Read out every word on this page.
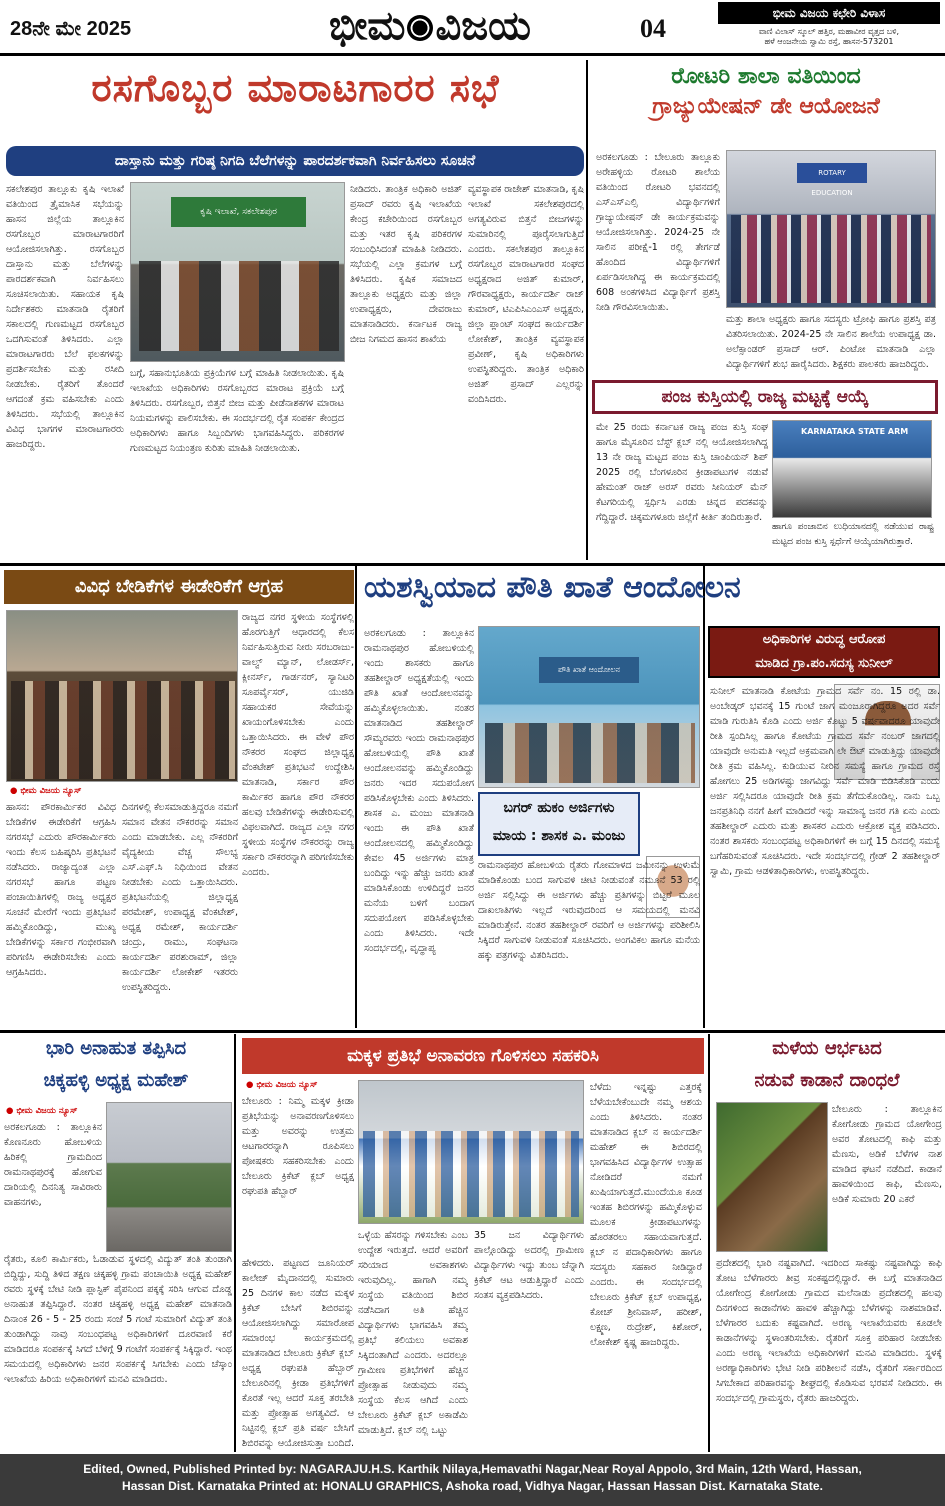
28ನೇ ಮೇ 2025	ಭೀಮ ವಿಜಯ	04
ಭೀಮ ವಿಜಯ ಕಛೇರಿ ವಿಳಾಸ
ವಾಣಿ ವಿಲಾಸ್ ಸ್ಕೂಲ್ ಹತ್ತಿರ, ಮಹಾವೀರ ವೃತ್ತದ ಬಳಿ,
ಹಳೆ ಆಂಜನೇಯ ಸ್ವಾಮಿ ರಸ್ತೆ, ಹಾಸನ-573201
ರಸಗೊಬ್ಬರ ಮಾರಾಟಗಾರರ ಸಭೆ
ದಾಸ್ತಾನು ಮತ್ತು ಗರಿಷ್ಠ ನಿಗದಿ ಬೆಲೆಗಳನ್ನು ಪಾರದರ್ಶಕವಾಗಿ ನಿರ್ವಹಿಸಲು ಸೂಚನೆ
ಸಕಲೇಶಪುರ ತಾಲ್ಲೂಕು ಕೃಷಿ ಇಲಾಖೆ ವತಿಯಿಂದ ತ್ರೈಮಾಸಿಕ ಸಭೆಯನ್ನು ಹಾಸನ ಜಿಲ್ಲೆಯ ತಾಲ್ಲೂಕಿನ ರಸಗೊಬ್ಬರ ಮಾರಾಟಗಾರರಿಗೆ ಆಯೋಜಿಸಲಾಗಿತ್ತು. ರಸಗೊಬ್ಬರ ದಾಸ್ತಾನು ಮತ್ತು ಬೆಲೆಗಳನ್ನು ಪಾರದರ್ಶಕವಾಗಿ ನಿರ್ವಹಿಸಲು ಸೂಚಿಸಲಾಯಿತು. ಸಹಾಯಕ ಕೃಷಿ ನಿರ್ದೇಶಕರು ಮಾತನಾಡಿ ರೈತರಿಗೆ ಸಕಾಲದಲ್ಲಿ ಗುಣಮಟ್ಟದ ರಸಗೊಬ್ಬರ ಒದಗಿಸುವಂತೆ ತಿಳಿಸಿದರು. ಎಲ್ಲಾ ಮಾರಾಟಗಾರರು ಬೆಲೆ ಫಲಕಗಳನ್ನು ಪ್ರದರ್ಶಿಸಬೇಕು ಮತ್ತು ರಸೀದಿ ನೀಡಬೇಕು. ರೈತರಿಗೆ ತೊಂದರೆ ಆಗದಂತೆ ಕ್ರಮ ವಹಿಸಬೇಕು ಎಂದು ತಿಳಿಸಿದರು. ಸಭೆಯಲ್ಲಿ ತಾಲ್ಲೂಕಿನ ವಿವಿಧ ಭಾಗಗಳ ಮಾರಾಟಗಾರರು ಹಾಜರಿದ್ದರು.
ಕೃಷಿ ಇಲಾಖೆ, ಸಕಲೇಶಪುರ
ಬಗ್ಗೆ, ಸಹಾನುಭೂತಿಯ ಪ್ರಕ್ರಿಯೆಗಳ ಬಗ್ಗೆ ಮಾಹಿತಿ ನೀಡಲಾಯಿತು. ಕೃಷಿ ಇಲಾಖೆಯ ಅಧಿಕಾರಿಗಳು ರಸಗೊಬ್ಬರದ ಮಾರಾಟ ಪ್ರಕ್ರಿಯೆ ಬಗ್ಗೆ ತಿಳಿಸಿದರು. ರಸಗೊಬ್ಬರ, ಬಿತ್ತನೆ ಬೀಜ ಮತ್ತು ಪೀಡೆನಾಶಕಗಳ ಮಾರಾಟ ನಿಯಮಗಳನ್ನು ಪಾಲಿಸಬೇಕು. ಈ ಸಂದರ್ಭದಲ್ಲಿ ರೈತ ಸಂಪರ್ಕ ಕೇಂದ್ರದ ಅಧಿಕಾರಿಗಳು ಹಾಗೂ ಸಿಬ್ಬಂದಿಗಳು ಭಾಗವಹಿಸಿದ್ದರು. ಪರಿಕರಗಳ ಗುಣಮಟ್ಟದ ನಿಯಂತ್ರಣ ಕುರಿತು ಮಾಹಿತಿ ನೀಡಲಾಯಿತು.
ನೀಡಿದರು. ತಾಂತ್ರಿಕ ಅಧಿಕಾರಿ ಅಜಿತ್ ಪ್ರಸಾದ್ ರವರು ಕೃಷಿ ಇಲಾಖೆಯ ಕೇಂದ್ರ ಕಚೇರಿಯಿಂದ ರಸಗೊಬ್ಬರ ಮತ್ತು ಇತರ ಕೃಷಿ ಪರಿಕರಗಳ ಸಂಬಂಧಿಸಿದಂತೆ ಮಾಹಿತಿ ನೀಡಿದರು. ಸಭೆಯಲ್ಲಿ ಎಲ್ಲಾ ಕ್ರಮಗಳ ಬಗ್ಗೆ ತಿಳಿಸಿದರು. ಕೃಷಿಕ ಸಮಾಜದ ತಾಲ್ಲೂಕು ಅಧ್ಯಕ್ಷರು ಮತ್ತು ಜಿಲ್ಲಾ ಉಪಾಧ್ಯಕ್ಷರು, ದೇವರಾಜು ಮಾತನಾಡಿದರು. ಕರ್ನಾಟಕ ರಾಜ್ಯ ಬೀಜ ನಿಗಮದ ಹಾಸನ ಶಾಖೆಯ
ವ್ಯವಸ್ಥಾಪಕ ರಾಜೇಶ್ ಮಾತನಾಡಿ, ಕೃಷಿ ಇಲಾಖೆ ಸಕಲೇಶಪುರದಲ್ಲಿ ಅಗತ್ಯವಿರುವ ಬಿತ್ತನೆ ಬೀಜಗಳನ್ನು ಸುಮಾರಿನಲ್ಲಿ ಪೂರೈಸಲಾಗುತ್ತಿದೆ ಎಂದರು. ಸಕಲೇಶಪುರ ತಾಲ್ಲೂಕಿನ ರಸಗೊಬ್ಬರ ಮಾರಾಟಗಾರರ ಸಂಘದ ಅಧ್ಯಕ್ಷರಾದ ಅಜಿತ್ ಕುಮಾರ್, ಗೌರವಾಧ್ಯಕ್ಷರು, ಕಾರ್ಯದರ್ಶಿ ರಾಜ್ ಕುಮಾರ್, ಟಿಎಪಿಸಿಎಂಎಸ್ ಅಧ್ಯಕ್ಷರು, ಜಿಲ್ಲಾ ಪ್ಲಾಂಟ್ ಸಂಘದ ಕಾರ್ಯದರ್ಶಿ ಲೋಕೇಶ್, ತಾಂತ್ರಿಕ ವ್ಯವಸ್ಥಾಪಕ ಪ್ರವೀಣ್, ಕೃಷಿ ಅಧಿಕಾರಿಗಳು ಉಪಸ್ಥಿತರಿದ್ದರು. ತಾಂತ್ರಿಕ ಅಧಿಕಾರಿ ಅಜಿತ್ ಪ್ರಸಾದ್ ಎಲ್ಲರನ್ನು ವಂದಿಸಿದರು.
ರೋಟರಿ ಶಾಲಾ ವತಿಯಿಂದ
ಗ್ರಾಜ್ಯುಯೇಷನ್ ಡೇ ಆಯೋಜನೆ
ಅರಕಲಗೂಡು : ಬೇಲೂರು ತಾಲ್ಲೂಕು ಅರೇಹಳ್ಳಿಯ ರೋಟರಿ ಶಾಲೆಯ ವತಿಯಿಂದ ರೋಟರಿ ಭವನದಲ್ಲಿ ಎಸ್ಎಸ್ಎಲ್ಸಿ ವಿದ್ಯಾರ್ಥಿಗಳಿಗೆ ಗ್ರಾಜ್ಯುಯೇಷನ್ ಡೇ ಕಾರ್ಯಕ್ರಮವನ್ನು ಆಯೋಜಿಸಲಾಗಿತ್ತು. 2024-25 ನೇ ಸಾಲಿನ ಪರೀಕ್ಷೆ-1 ರಲ್ಲಿ ತೇರ್ಗಡೆ ಹೊಂದಿದ ವಿದ್ಯಾರ್ಥಿಗಳಿಗೆ ಏರ್ಪಡಿಸಲಾಗಿದ್ದ ಈ ಕಾರ್ಯಕ್ರಮದಲ್ಲಿ 608 ಅಂಕಗಳಿಸಿದ ವಿದ್ಯಾರ್ಥಿಗೆ ಪ್ರಶಸ್ತಿ ನೀಡಿ ಗೌರವಿಸಲಾಯಿತು.
ROTARY EDUCATION
ಮತ್ತು ಶಾಲಾ ಅಧ್ಯಕ್ಷರು ಹಾಗೂ ಸದಸ್ಯರು ಟ್ರೋಫಿ ಹಾಗೂ ಪ್ರಶಸ್ತಿ ಪತ್ರ ವಿತರಿಸಲಾಯಿತು. 2024-25 ನೇ ಸಾಲಿನ ಶಾಲೆಯ ಉಪಾಧ್ಯಕ್ಷ ಡಾ. ಅಲೆಕ್ಸಾಂಡರ್ ಪ್ರಸಾದ್ ಆರ್. ಪಿಂಟೋ ಮಾತನಾಡಿ ಎಲ್ಲಾ ವಿದ್ಯಾರ್ಥಿಗಳಿಗೆ ಶುಭ ಹಾರೈಸಿದರು. ಶಿಕ್ಷಕರು ಪಾಲಕರು ಹಾಜರಿದ್ದರು.
ಪಂಜ ಕುಸ್ತಿಯಲ್ಲಿ ರಾಜ್ಯ ಮಟ್ಟಕ್ಕೆ ಆಯ್ಕೆ
ಮೇ 25 ರಂದು ಕರ್ನಾಟಕ ರಾಜ್ಯ ಪಂಜ ಕುಸ್ತಿ ಸಂಘ ಹಾಗೂ ಮೈಸೂರಿನ ಬೆಸ್ಟ್ ಕ್ಲಬ್ ನಲ್ಲಿ ಆಯೋಜಿಸಲಾಗಿದ್ದ 13 ನೇ ರಾಜ್ಯ ಮಟ್ಟದ ಪಂಜ ಕುಸ್ತಿ ಚಾಂಪಿಯನ್ ಶಿಪ್ 2025 ರಲ್ಲಿ ಬೆಂಗಳೂರಿನ ಕ್ರೀಡಾಪಟುಗಳ ನಡುವೆ ಹೇಮಂತ್ ರಾಜ್ ಅರಸ್ ರವರು ಸೀನಿಯರ್ ಮೆನ್ ಕೆಟಗರಿಯಲ್ಲಿ ಸ್ಪರ್ಧಿಸಿ ಎರಡು ಚಿನ್ನದ ಪದಕವನ್ನು ಗೆದ್ದಿದ್ದಾರೆ. ಚಿಕ್ಕಮಗಳೂರು ಜಿಲ್ಲೆಗೆ ಕೀರ್ತಿ ತಂದಿರುತ್ತಾರೆ.
KARNATAKA STATE ARM
ಹಾಗೂ ಪಂಜಾಬಿನ ಲುಧಿಯಾನದಲ್ಲಿ ನಡೆಯುವ ರಾಷ್ಟ್ರ ಮಟ್ಟದ ಪಂಜ ಕುಸ್ತಿ ಸ್ಪರ್ಧೆಗೆ ಆಯ್ಕೆಯಾಗಿರುತ್ತಾರೆ.
ವಿವಿಧ ಬೇಡಿಕೆಗಳ ಈಡೇರಿಕೆಗೆ ಆಗ್ರಹ
ರಾಜ್ಯದ ನಗರ ಸ್ಥಳೀಯ ಸಂಸ್ಥೆಗಳಲ್ಲಿ ಹೊರಗುತ್ತಿಗೆ ಆಧಾರದಲ್ಲಿ ಕೆಲಸ ನಿರ್ವಹಿಸುತ್ತಿರುವ ನೀರು ಸರಬರಾಜು-ವಾಲ್ವ್ ಮ್ಯಾನ್, ಲೋಡರ್ಸ್, ಕ್ಲೀನರ್ಸ್, ಗಾರ್ಡನರ್, ಸ್ಯಾನಿಟರಿ ಸೂಪರ್ವೈಸರ್, ಯುಜಿಡಿ ಸಹಾಯಕರ ಸೇವೆಯನ್ನು ಖಾಯಂಗೊಳಿಸಬೇಕು ಎಂದು ಒತ್ತಾಯಿಸಿದರು. ಈ ವೇಳೆ ಪೌರ ನೌಕರರ ಸಂಘದ ಜಿಲ್ಲಾಧ್ಯಕ್ಷ ವೆಂಕಟೇಶ್ ಪ್ರತಿಭಟನೆ ಉದ್ದೇಶಿಸಿ ಮಾತನಾಡಿ, ಸರ್ಕಾರ ಪೌರ ಕಾರ್ಮಿಕರ ಹಾಗೂ ಪೌರ ನೌಕರರ ಹಲವು ಬೇಡಿಕೆಗಳನ್ನು ಈಡೇರಿಸುವಲ್ಲಿ ವಿಫಲವಾಗಿದೆ. ರಾಜ್ಯದ ಎಲ್ಲಾ ನಗರ ಸ್ಥಳೀಯ ಸಂಸ್ಥೆಗಳ ನೌಕರರನ್ನು ರಾಜ್ಯ ಸರ್ಕಾರಿ ನೌಕರರನ್ನಾಗಿ ಪರಿಗಣಿಸಬೇಕು ಎಂದರು.
● ಭೀಮ ವಿಜಯ ನ್ಯೂಸ್
ಹಾಸನ: ಪೌರಕಾರ್ಮಿಕರ ವಿವಿಧ ಬೇಡಿಕೆಗಳ ಈಡೇರಿಕೆಗೆ ಆಗ್ರಹಿಸಿ ನಗರಸಭೆ ಎದುರು ಪೌರಕಾರ್ಮಿಕರು ಇಂದು ಕೆಲಸ ಬಹಿಷ್ಕರಿಸಿ ಪ್ರತಿಭಟನೆ ನಡೆಸಿದರು. ರಾಜ್ಯಾದ್ಯಂತ ಎಲ್ಲಾ ನಗರಸಭೆ ಹಾಗೂ ಪಟ್ಟಣ ಪಂಚಾಯಿತಿಗಳಲ್ಲಿ ರಾಜ್ಯ ಅಧ್ಯಕ್ಷರ ಸೂಚನೆ ಮೇರೆಗೆ ಇಂದು ಪ್ರತಿಭಟನೆ ಹಮ್ಮಿಕೊಂಡಿದ್ದು, ಮುಖ್ಯ ಬೇಡಿಕೆಗಳನ್ನು ಸರ್ಕಾರ ಗಂಭೀರವಾಗಿ ಪರಿಗಣಿಸಿ ಈಡೇರಿಸಬೇಕು ಎಂದು ಆಗ್ರಹಿಸಿದರು.
ದಿನಗಳಲ್ಲಿ ಕೆಲಸಮಾಡುತ್ತಿದ್ದರೂ ನಮಗೆ ಸಮಾನ ವೇತನ ನೌಕರರನ್ನು ಸಮಾನ ಎಂದು ಮಾಡಬೇಕು. ಎಲ್ಲ ನೌಕರರಿಗೆ ವೈದ್ಯಕೀಯ ವೆಚ್ಚ ಸೌಲಭ್ಯ ಎಸ್.ಎಫ್.ಸಿ ನಿಧಿಯಿಂದ ವೇತನ ನೀಡಬೇಕು ಎಂದು ಒತ್ತಾಯಿಸಿದರು. ಪ್ರತಿಭಟನೆಯಲ್ಲಿ ಜಿಲ್ಲಾಧ್ಯಕ್ಷ ಪರಮೇಶ್, ಉಪಾಧ್ಯಕ್ಷ ವೆಂಕಟೇಶ್, ಅಧ್ಯಕ್ಷ ರಮೇಶ್, ಕಾರ್ಯದರ್ಶಿ ಚಂದ್ರು, ರಾಮು, ಸಂಘಟನಾ ಕಾರ್ಯದರ್ಶಿ ಪರಶುರಾಮ್, ಜಿಲ್ಲಾ ಕಾರ್ಯದರ್ಶಿ ಲೋಕೇಶ್ ಇತರರು ಉಪಸ್ಥಿತರಿದ್ದರು.
ಯಶಸ್ವಿಯಾದ ಪೌತಿ ಖಾತೆ ಆಂದೋಲನ
ಅರಕಲಗೂಡು : ತಾಲ್ಲೂಕಿನ ರಾಮನಾಥಪುರ ಹೋಬಳಿಯಲ್ಲಿ ಇಂದು ಶಾಸಕರು ಹಾಗೂ ತಹಶೀಲ್ದಾರ್ ಅಧ್ಯಕ್ಷತೆಯಲ್ಲಿ ಇಂದು ಪೌತಿ ಖಾತೆ ಆಂದೋಲನವನ್ನು ಹಮ್ಮಿಕೊಳ್ಳಲಾಯಿತು. ನಂತರ ಮಾತನಾಡಿದ ತಹಶೀಲ್ದಾರ್ ಸೌಮ್ಯರವರು ಇಂದು ರಾಮನಾಥಪುರ ಹೋಬಳಿಯಲ್ಲಿ ಪೌತಿ ಖಾತೆ ಆಂದೋಲನವನ್ನು ಹಮ್ಮಿಕೊಂಡಿದ್ದು ಜನರು ಇದರ ಸದುಪಯೋಗ ಪಡಿಸಿಕೊಳ್ಳಬೇಕು ಎಂದು ತಿಳಿಸಿದರು. ಶಾಸಕ ಎ. ಮಂಜು ಮಾತನಾಡಿ ಇಂದು ಈ ಪೌತಿ ಖಾತೆ ಆಂದೋಲನದಲ್ಲಿ ಹಮ್ಮಿಕೊಂಡಿದ್ದು ಕೇವಲ 45 ಅರ್ಜಿಗಳು ಮಾತ್ರ ಬಂದಿದ್ದು ಇನ್ನು ಹೆಚ್ಚು ಜನರು ಖಾತೆ ಮಾಡಿಸಿಕೊಂಡು ಉಳಿದಿದ್ದರೆ ಜನರ ಮನೆಯ ಬಳಿಗೆ ಬಂದಾಗ ಸದುಪಯೋಗ ಪಡಿಸಿಕೊಳ್ಳಬೇಕು ಎಂದು ತಿಳಿಸಿದರು. ಇದೇ ಸಂದರ್ಭದಲ್ಲಿ, ವೃದ್ಧಾಪ್ಯ
ಪೌತಿ ಖಾತೆ ಆಂದೋಲನ
ಬಗರ್ ಹುಕಂ ಅರ್ಜಿಗಳು
ಮಾಯ : ಶಾಸಕ ಎ. ಮಂಜು
ರಾಮನಾಥಪುರ ಹೋಬಳಿಯ ರೈತರು ಗೋಮಾಳದ ಜಮೀನನ್ನು ಉಳುಮೆ ಮಾಡಿಕೊಂಡು ಬಂದ ಸಾಗುವಳಿ ಚೀಟಿ ನೀಡುವಂತೆ ನಮೂನೆ 53 ರಲ್ಲಿ ಅರ್ಜಿ ಸಲ್ಲಿಸಿದ್ದು ಈ ಅರ್ಜಿಗಳು ಹೆಚ್ಚು ಪ್ರತಿಗಳನ್ನು ಬಿಟ್ಟರೆ ಮೂಲ ದಾಖಲಾತಿಗಳು ಇಲ್ಲದೆ ಇರುವುದರಿಂದ ಆ ಸಮಯದಲ್ಲಿ ಮನವಿ ಮಾಡಿರುತ್ತೇನೆ. ನಂತರ ತಹಶೀಲ್ದಾರ್ ರವರಿಗೆ ಆ ಅರ್ಜಿಗಳನ್ನು ಪರಿಶೀಲಿಸಿ ಸಿಕ್ಕಿದರೆ ಸಾಗುವಳಿ ನೀಡುವಂತೆ ಸೂಚಿಸಿದರು. ಅಂಗವಿಕಲ ಹಾಗೂ ಮನೆಯ ಹಕ್ಕು ಪತ್ರಗಳನ್ನು ವಿತರಿಸಿದರು.
ಅಧಿಕಾರಿಗಳ ವಿರುದ್ಧ ಆರೋಪ
ಮಾಡಿದ ಗ್ರಾ.ಪಂ.ಸದಸ್ಯ ಸುನೀಲ್
ಸುನೀಲ್ ಮಾತನಾಡಿ ಕೋಟೆಯ ಗ್ರಾಮದ ಸರ್ವೆ ನಂ. 15 ರಲ್ಲಿ ಡಾ. ಅಂಬೇಡ್ಕರ್ ಭವನಕ್ಕೆ 15 ಗುಂಟೆ ಜಾಗ ಮಂಜೂರಾಗಿದ್ದರೂ ಅದರ ಸರ್ವೆ ಮಾಡಿ ಗುರುತಿಸಿ ಕೊಡಿ ಎಂದು ಅರ್ಜಿ ಕೊಟ್ಟು 5 ವರ್ಷವಾದರೂ ಯಾವುದೇ ರೀತಿ ಸ್ಪಂದಿಸಿಲ್ಲ ಹಾಗೂ ಕೋಟೆಯ ಗ್ರಾಮದ ಸರ್ವೆ ನಂಬರ್ ಜಾಗದಲ್ಲಿ ಯಾವುದೇ ಅನುಮತಿ ಇಲ್ಲದೆ ಅಕ್ರಮವಾಗಿ ಲೇ ಔಟ್ ಮಾಡುತ್ತಿದ್ದು ಯಾವುದೇ ರೀತಿ ಕ್ರಮ ವಹಿಸಿಲ್ಲ. ಕುಡಿಯುವ ನೀರಿನ ಸಮಸ್ಯೆ ಹಾಗೂ ಗ್ರಾಮದ ರಸ್ತೆ ಹೋಗಲು 25 ಅಡಿಗಳಷ್ಟು ಜಾಗವಿದ್ದು ಸರ್ವೆ ಮಾಡಿ ಬಿಡಿಸಿಕೊಡಿ ಎಂದು ಅರ್ಜಿ ಸಲ್ಲಿಸಿದರೂ ಯಾವುದೇ ರೀತಿ ಕ್ರಮ ತೆಗೆದುಕೊಂಡಿಲ್ಲ. ನಾನು ಒಬ್ಬ ಜನಪ್ರತಿನಿಧಿ ನನಗೆ ಹೀಗೆ ಮಾಡಿದರೆ ಇನ್ನು ಸಾಮಾನ್ಯ ಜನರ ಗತಿ ಏನು ಎಂದು ತಹಶೀಲ್ದಾರ್ ಎದುರು ಮತ್ತು ಶಾಸಕರ ಎದುರು ಆಕ್ರೋಶ ವ್ಯಕ್ತ ಪಡಿಸಿದರು. ನಂತರ ಶಾಸಕರು ಸಂಬಂಧಪಟ್ಟ ಅಧಿಕಾರಿಗಳಿಗೆ ಈ ಬಗ್ಗೆ 15 ದಿನದಲ್ಲಿ ಸಮಸ್ಯೆ ಬಗೆಹರಿಸುವಂತೆ ಸೂಚಿಸಿದರು. ಇದೇ ಸಂದರ್ಭದಲ್ಲಿ ಗ್ರೇಡ್ 2 ತಹಶೀಲ್ದಾರ್ ಸ್ವಾಮಿ, ಗ್ರಾಮ ಆಡಳಿತಾಧಿಕಾರಿಗಳು, ಉಪಸ್ಥಿತರಿದ್ದರು.
ಭಾರಿ ಅನಾಹುತ ತಪ್ಪಿಸಿದ
ಚಿಕ್ಕಹಳ್ಳಿ ಅಧ್ಯಕ್ಷ ಮಹೇಶ್
● ಭೀಮ ವಿಜಯ ನ್ಯೂಸ್
ಅರಕಲಗೂಡು : ತಾಲ್ಲೂಕಿನ ಕೊಣನೂರು ಹೋಬಳಿಯ ಹಿರಿಕಲ್ಲಿ ಗ್ರಾಮದಿಂದ ರಾಮನಾಥಪುರಕ್ಕೆ ಹೋಗುವ ದಾರಿಯಲ್ಲಿ ದಿನನಿತ್ಯ ಸಾವಿರಾರು ವಾಹನಗಳು,
ರೈತರು, ಕೂಲಿ ಕಾರ್ಮಿಕರು, ಓಡಾಡುವ ಸ್ಥಳದಲ್ಲಿ ವಿದ್ಯುತ್ ತಂತಿ ತುಂಡಾಗಿ ಬಿದ್ದಿದ್ದು, ಸುದ್ದಿ ತಿಳಿದ ತಕ್ಷಣ ಚಿಕ್ಕಹಳ್ಳಿ ಗ್ರಾಮ ಪಂಚಾಯಿತಿ ಅಧ್ಯಕ್ಷ ಮಹೇಶ್ ರವರು ಸ್ಥಳಕ್ಕೆ ಬೇಟಿ ನೀಡಿ ಪ್ಲಾಸ್ಟಿಕ್ ಪೈಪನಿಂದ ಪಕ್ಕಕ್ಕೆ ಸರಿಸಿ ಆಗುವ ದೊಡ್ಡ ಅನಾಹುತ ತಪ್ಪಿಸಿದ್ದಾರೆ. ನಂತರ ಚಿಕ್ಕಹಳ್ಳಿ ಅಧ್ಯಕ್ಷ ಮಹೇಶ್ ಮಾತನಾಡಿ ದಿನಾಂಕ 26 - 5 - 25 ರಂದು ಸಂಜೆ 5 ಗಂಟೆ ಸುಮಾರಿಗೆ ವಿದ್ಯುತ್ ತಂತಿ ತುಂಡಾಗಿದ್ದು ನಾವು ಸಂಬಂಧಪಟ್ಟ ಅಧಿಕಾರಿಗಳಿಗೆ ದೂರವಾಣಿ ಕರೆ ಮಾಡಿದರೂ ಸಂಪರ್ಕಕ್ಕೆ ಸಿಗದೆ ಬೆಳಿಗ್ಗೆ 9 ಗಂಟೆಗೆ ಸಂಪರ್ಕಕ್ಕೆ ಸಿಕ್ಕಿದ್ದಾರೆ. ಇಂಥ ಸಮಯದಲ್ಲಿ ಅಧಿಕಾರಿಗಳು ಜನರ ಸಂಪರ್ಕಕ್ಕೆ ಸಿಗಬೇಕು ಎಂದು ಚೆಸ್ಕಾಂ ಇಲಾಖೆಯ ಹಿರಿಯ ಅಧಿಕಾರಿಗಳಿಗೆ ಮನವಿ ಮಾಡಿದರು.
ಮಕ್ಕಳ ಪ್ರತಿಭೆ ಅನಾವರಣ ಗೊಳಿಸಲು ಸಹಕರಿಸಿ
● ಭೀಮ ವಿಜಯ ನ್ಯೂಸ್
ಬೇಲೂರು : ನಿಮ್ಮ ಮಕ್ಕಳ ಕ್ರೀಡಾ ಪ್ರತಿಭೆಯನ್ನು ಅನಾವರಣಗೊಳಿಸಲು ಮತ್ತು ಅವರನ್ನು ಉತ್ತಮ ಆಟಗಾರರನ್ನಾಗಿ ರೂಪಿಸಲು ಪೋಷಕರು ಸಹಕರಿಸಬೇಕು ಎಂದು ಬೇಲೂರು ಕ್ರಿಕೆಟ್ ಕ್ಲಬ್ ಅಧ್ಯಕ್ಷ ರಘುಪತಿ ಹೆಬ್ಬಾರ್
ಹೇಳಿದರು. ಪಟ್ಟಣದ ಜೂನಿಯರ್ ಕಾಲೇಜ್ ಮೈದಾನದಲ್ಲಿ ಸುಮಾರು 25 ದಿನಗಳ ಕಾಲ ನಡೆದ ಮಕ್ಕಳ ಕ್ರಿಕೆಟ್ ಬೇಸಿಗೆ ಶಿಬಿರವನ್ನು ಆಯೋಜಿಸಲಾಗಿದ್ದು ಸಮಾರೋಪ ಸಮಾರಂಭ ಕಾರ್ಯಕ್ರಮದಲ್ಲಿ ಮಾತನಾಡಿದ ಬೇಲೂರು ಕ್ರಿಕೆಟ್ ಕ್ಲಬ್ ಅಧ್ಯಕ್ಷ ರಘುಪತಿ ಹೆಬ್ಬಾರ್ ಬೇಲೂರಿನಲ್ಲಿ ಕ್ರೀಡಾ ಪ್ರತಿಭೆಗಳಿಗೆ ಕೊರತೆ ಇಲ್ಲ ಆದರೆ ಸೂಕ್ತ ತರಬೇತಿ ಮತ್ತು ಪ್ರೋತ್ಸಾಹ ಅಗತ್ಯವಿದೆ. ಆ ನಿಟ್ಟಿನಲ್ಲಿ ಕ್ಲಬ್ ಪ್ರತಿ ವರ್ಷ ಬೇಸಿಗೆ ಶಿಬಿರವನ್ನು ಆಯೋಜಿಸುತ್ತಾ ಬಂದಿದೆ.
ಒಳ್ಳೆಯ ಹೆಸರನ್ನು ಗಳಿಸಬೇಕು ಎಂಬ ಉದ್ದೇಶ ಇರುತ್ತದೆ. ಆದರೆ ಅವರಿಗೆ ಸರಿಯಾದ ಅವಕಾಶಗಳು ಇರುವುದಿಲ್ಲ. ಹಾಗಾಗಿ ನಮ್ಮ ಸಂಸ್ಥೆಯ ವತಿಯಿಂದ ಶಿಬಿರ ನಡೆಸಿದಾಗ ಅತಿ ಹೆಚ್ಚಿನ ವಿದ್ಯಾರ್ಥಿಗಳು ಭಾಗವಹಿಸಿ ತಮ್ಮ ಪ್ರತಿಭೆ ಕಲಿಯಲು ಅವಕಾಶ ಸಿಕ್ಕಿದಂತಾಗಿದೆ ಎಂದರು. ಅದರಲ್ಲೂ ಗ್ರಾಮೀಣ ಪ್ರತಿಭೆಗಳಿಗೆ ಹೆಚ್ಚಿನ ಪ್ರೋತ್ಸಾಹ ನೀಡುವುದು ನಮ್ಮ ಸಂಸ್ಥೆಯ ಕೆಲಸ ಆಗಿದೆ ಎಂದು ಬೇಲೂರು ಕ್ರಿಕೆಟ್ ಕ್ಲಬ್ ಅಕಾಡೆಮಿ ಮಾಡುತ್ತಿದೆ. ಕ್ಲಬ್ ನಲ್ಲಿ ಒಟ್ಟು
35 ಜನ ವಿದ್ಯಾರ್ಥಿಗಳು ಪಾಲ್ಗೊಂಡಿದ್ದು ಅದರಲ್ಲಿ ಗ್ರಾಮೀಣ ವಿದ್ಯಾರ್ಥಿಗಳು ಇದ್ದು ತುಂಬ ಚೆನ್ನಾಗಿ ಕ್ರಿಕೆಟ್ ಆಟ ಆಡುತ್ತಿದ್ದಾರೆ ಎಂದು ಸಂತಸ ವ್ಯಕ್ತಪಡಿಸಿದರು.
ಬೆಳೆದು ಇನ್ನಷ್ಟು ಎತ್ತರಕ್ಕೆ ಬೆಳೆಯಬೇಕೆಂಬುದೇ ನಮ್ಮ ಆಶಯ ಎಂದು ತಿಳಿಸಿದರು. ನಂತರ ಮಾತನಾಡಿದ ಕ್ಲಬ್ ನ ಕಾರ್ಯದರ್ಶಿ ಮಹೇಶ್ ಈ ಶಿಬಿರದಲ್ಲಿ ಭಾಗವಹಿಸಿದ ವಿದ್ಯಾರ್ಥಿಗಳ ಉತ್ಸಾಹ ನೋಡಿದರೆ ನಮಗೆ ಖುಷಿಯಾಗುತ್ತದೆ.ಮುಂದೆಯೂ ಕೂಡ ಇಂತಹ ಶಿಬಿರಗಳನ್ನು ಹಮ್ಮಿಕೊಳ್ಳುವ ಮೂಲಕ ಕ್ರೀಡಾಪಟುಗಳನ್ನು ಹೊರತರಲು ಸಹಾಯವಾಗುತ್ತದೆ. ಕ್ಲಬ್ ನ ಪದಾಧಿಕಾರಿಗಳು ಹಾಗೂ ಸದಸ್ಯರು ಸಹಕಾರ ನೀಡಿದ್ದಾರೆ ಎಂದರು. ಈ ಸಂದರ್ಭದಲ್ಲಿ ಬೇಲೂರು ಕ್ರಿಕೆಟ್ ಕ್ಲಬ್ ಉಪಾಧ್ಯಕ್ಷ, ಕೋಚ್ ಶ್ರೀನಿವಾಸ್, ಹರೀಶ್, ಲಕ್ಷ್ಮಣ, ರುದ್ರೇಶ್, ಕಿಶೋರ್, ಲೋಕೇಶ್ ಕೃಷ್ಣ ಹಾಜರಿದ್ದರು.
ಮಳೆಯ ಆರ್ಭಟದ
ನಡುವೆ ಕಾಡಾನೆ ದಾಂಧಲೆ
ಬೇಲೂರು : ತಾಲ್ಲೂಕಿನ ಕೋಗೋಡು ಗ್ರಾಮದ ಯೋಗೇಂದ್ರ ಅವರ ತೋಟದಲ್ಲಿ ಕಾಫಿ ಮತ್ತು ಮೆಣಸು, ಅಡಿಕೆ ಬೆಳೆಗಳ ನಾಶ ಮಾಡಿದ ಘಟನೆ ನಡೆದಿದೆ. ಕಾಡಾನೆ ಹಾವಳಿಯಿಂದ ಕಾಫಿ, ಮೆಣಸು, ಅಡಿಕೆ ಸುಮಾರು 20 ಎಕರೆ
ಪ್ರದೇಶದಲ್ಲಿ ಭಾರಿ ನಷ್ಟವಾಗಿದೆ. ಇದರಿಂದ ಸಾಕಷ್ಟು ನಷ್ಟವಾಗಿದ್ದು ಕಾಫಿ ತೋಟ ಬೆಳೆಗಾರರು ತೀವ್ರ ಸಂಕಷ್ಟದಲ್ಲಿದ್ದಾರೆ. ಈ ಬಗ್ಗೆ ಮಾತನಾಡಿದ ಯೋಗೇಂದ್ರ ಕೋಗೋಡು ಗ್ರಾಮದ ಮಲೆನಾಡು ಪ್ರದೇಶದಲ್ಲಿ ಹಲವು ದಿನಗಳಿಂದ ಕಾಡಾನೆಗಳು ಹಾವಳಿ ಹೆಚ್ಚಾಗಿದ್ದು ಬೆಳೆಗಳನ್ನು ನಾಶಮಾಡಿವೆ. ಬೆಳೆಗಾರರ ಬದುಕು ಕಷ್ಟವಾಗಿದೆ. ಅರಣ್ಯ ಇಲಾಖೆಯವರು ಕೂಡಲೇ ಕಾಡಾನೆಗಳನ್ನು ಸ್ಥಳಾಂತರಿಸಬೇಕು. ರೈತರಿಗೆ ಸೂಕ್ತ ಪರಿಹಾರ ನೀಡಬೇಕು ಎಂದು ಅರಣ್ಯ ಇಲಾಖೆಯ ಅಧಿಕಾರಿಗಳಿಗೆ ಮನವಿ ಮಾಡಿದರು. ಸ್ಥಳಕ್ಕೆ ಅರಣ್ಯಾಧಿಕಾರಿಗಳು ಭೇಟಿ ನೀಡಿ ಪರಿಶೀಲನೆ ನಡೆಸಿ, ರೈತರಿಗೆ ಸರ್ಕಾರದಿಂದ ಸಿಗಬೇಕಾದ ಪರಿಹಾರವನ್ನು ಶೀಘ್ರದಲ್ಲಿ ಕೊಡಿಸುವ ಭರವಸೆ ನೀಡಿದರು. ಈ ಸಂದರ್ಭದಲ್ಲಿ ಗ್ರಾಮಸ್ಥರು, ರೈತರು ಹಾಜರಿದ್ದರು.
Edited, Owned, Published Printed by: NAGARAJU.H.S. Karthik Nilaya,Hemavathi Nagar,Near Royal Appolo, 3rd Main, 12th Ward, Hassan,
Hassan Dist. Karnataka Printed at: HONALU GRAPHICS, Ashoka road, Vidhya Nagar, Hassan Hassan Dist. Karnataka State.
